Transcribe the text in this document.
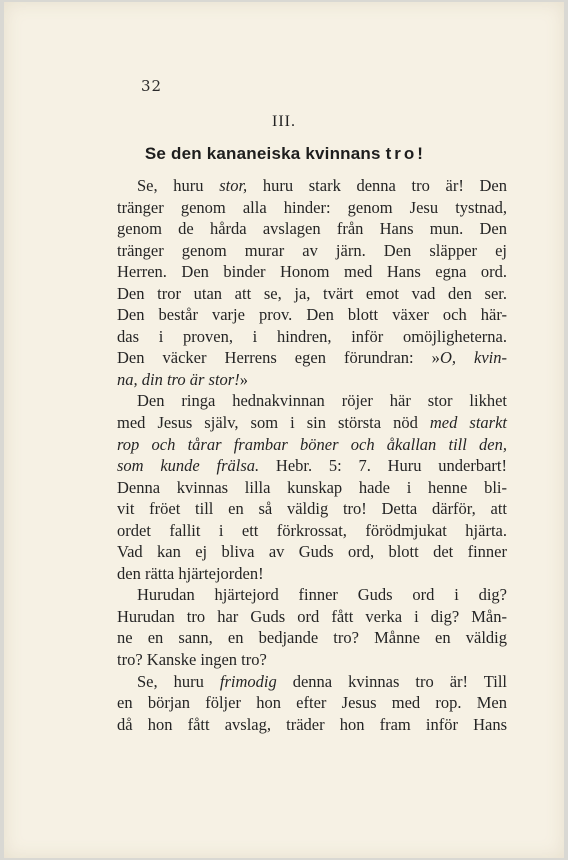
32
III.
Se den kananeiska kvinnans tro!
Se, huru stor, huru stark denna tro är! Den
tränger genom alla hinder: genom Jesu tystnad,
genom de hårda avslagen från Hans mun. Den
tränger genom murar av järn. Den släpper ej
Herren. Den binder Honom med Hans egna ord.
Den tror utan att se, ja, tvärt emot vad den ser.
Den består varje prov. Den blott växer och här-
das i proven, i hindren, inför omöjligheterna.
Den väcker Herrens egen förundran: »O, kvin-
na, din tro är stor!»
Den ringa hednakvinnan röjer här stor likhet
med Jesus själv, som i sin största nöd med starkt
rop och tårar frambar böner och åkallan till den,
som kunde frälsa. Hebr. 5: 7. Huru underbart!
Denna kvinnas lilla kunskap hade i henne bli-
vit fröet till en så väldig tro! Detta därför, att
ordet fallit i ett förkrossat, förödmjukat hjärta.
Vad kan ej bliva av Guds ord, blott det finner
den rätta hjärtejorden!
Hurudan hjärtejord finner Guds ord i dig?
Hurudan tro har Guds ord fått verka i dig? Mån-
ne en sann, en bedjande tro? Månne en väldig
tro? Kanske ingen tro?
Se, huru frimodig denna kvinnas tro är! Till
en början följer hon efter Jesus med rop. Men
då hon fått avslag, träder hon fram inför Hans
